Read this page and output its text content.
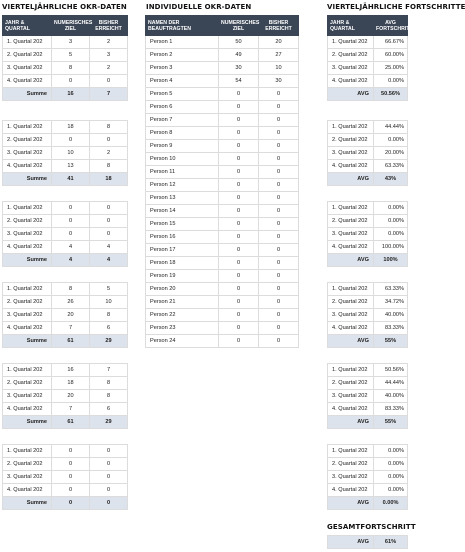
VIERTELJÄHRLICHE OKR-DATEN	INDIVIDUELLE OKR-DATEN	VIERTELJÄHRLICHE FORTSCHRITTE
JAHR & QUARTAL	NUMERISCHES ZIEL	BISHER ERREICHT
1. Quartal 202	3	2
2. Quartal 202	5	3
3. Quartal 202	8	2
4. Quartal 202	0	0
Summe	16	7
1. Quartal 202	18	8
2. Quartal 202	0	0
3. Quartal 202	10	2
4. Quartal 202	13	8
Summe	41	18
1. Quartal 202	0	0
2. Quartal 202	0	0
3. Quartal 202	0	0
4. Quartal 202	4	4
Summe	4	4
1. Quartal 202	8	5
2. Quartal 202	26	10
3. Quartal 202	20	8
4. Quartal 202	7	6
Summe	61	29
1. Quartal 202	16	7
2. Quartal 202	18	8
3. Quartal 202	20	8
4. Quartal 202	7	6
Summe	61	29
1. Quartal 202	0	0
2. Quartal 202	0	0
3. Quartal 202	0	0
4. Quartal 202	0	0
Summe	0	0
NAMEN DER BEAUFTRAGTEN	NUMERISCHES ZIEL	BISHER ERREICHT
Person 1	50	20
Person 2	49	27
Person 3	30	10
Person 4	54	30
Person 5	0	0
Person 6	0	0
Person 7	0	0
Person 8	0	0
Person 9	0	0
Person 10	0	0
Person 11	0	0
Person 12	0	0
Person 13	0	0
Person 14	0	0
Person 15	0	0
Person 16	0	0
Person 17	0	0
Person 18	0	0
Person 19	0	0
Person 20	0	0
Person 21	0	0
Person 22	0	0
Person 23	0	0
Person 24	0	0
JAHR & QUARTAL	AVG FORTSCHRITT
1. Quartal 202	66.67%
2. Quartal 202	60.00%
3. Quartal 202	25.00%
4. Quartal 202	0.00%
AVG	50.56%
1. Quartal 202	44.44%
2. Quartal 202	0.00%
3. Quartal 202	20.00%
4. Quartal 202	63.33%
AVG	43%
1. Quartal 202	0.00%
2. Quartal 202	0.00%
3. Quartal 202	0.00%
4. Quartal 202	100.00%
AVG	100%
1. Quartal 202	63.33%
2. Quartal 202	34.72%
3. Quartal 202	40.00%
4. Quartal 202	83.33%
AVG	55%
1. Quartal 202	50.56%
2. Quartal 202	44.44%
3. Quartal 202	40.00%
4. Quartal 202	83.33%
AVG	55%
1. Quartal 202	0.00%
2. Quartal 202	0.00%
3. Quartal 202	0.00%
4. Quartal 202	0.00%
AVG	0.00%
GESAMTFORTSCHRITT
AVG	61%
